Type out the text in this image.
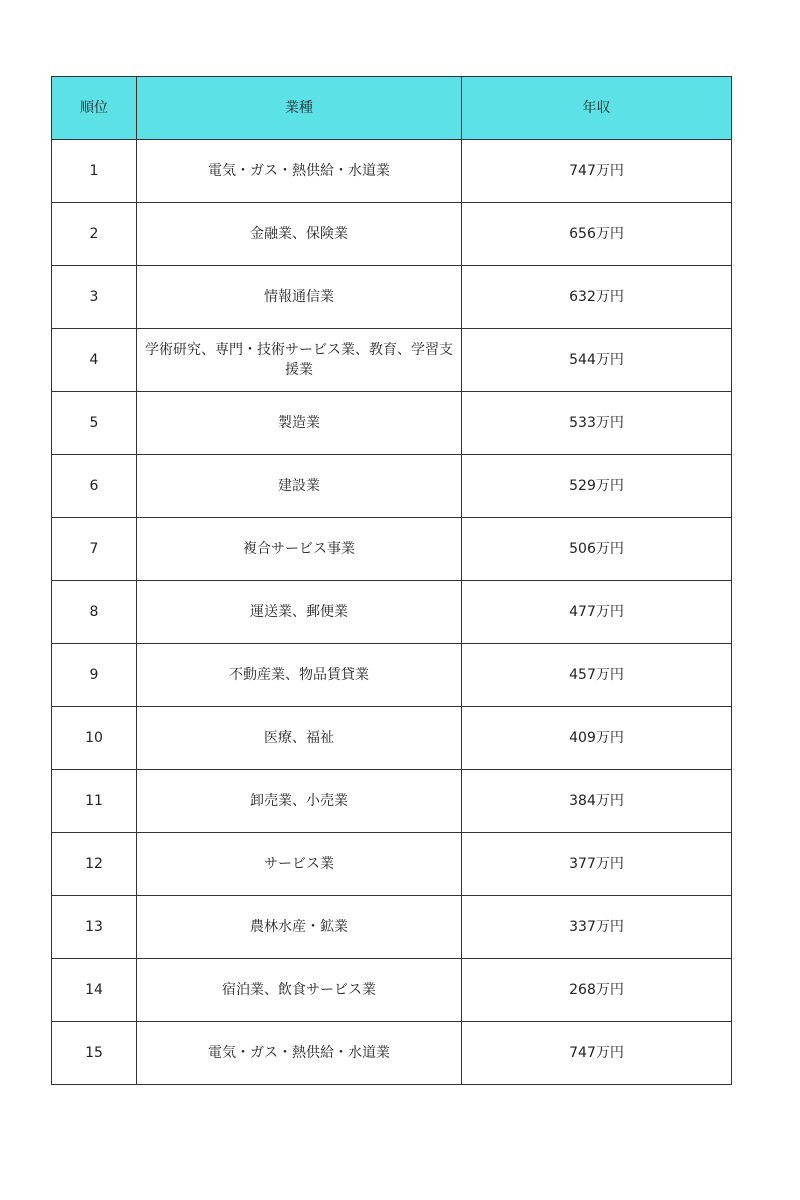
順位	業種	年収
1	電気・ガス・熱供給・水道業	747万円
2	金融業、保険業	656万円
3	情報通信業	632万円
4	学術研究、専門・技術サービス業、教育、学習支援業	544万円
5	製造業	533万円
6	建設業	529万円
7	複合サービス事業	506万円
8	運送業、郵便業	477万円
9	不動産業、物品賃貸業	457万円
10	医療、福祉	409万円
11	卸売業、小売業	384万円
12	サービス業	377万円
13	農林水産・鉱業	337万円
14	宿泊業、飲食サービス業	268万円
15	電気・ガス・熱供給・水道業	747万円
